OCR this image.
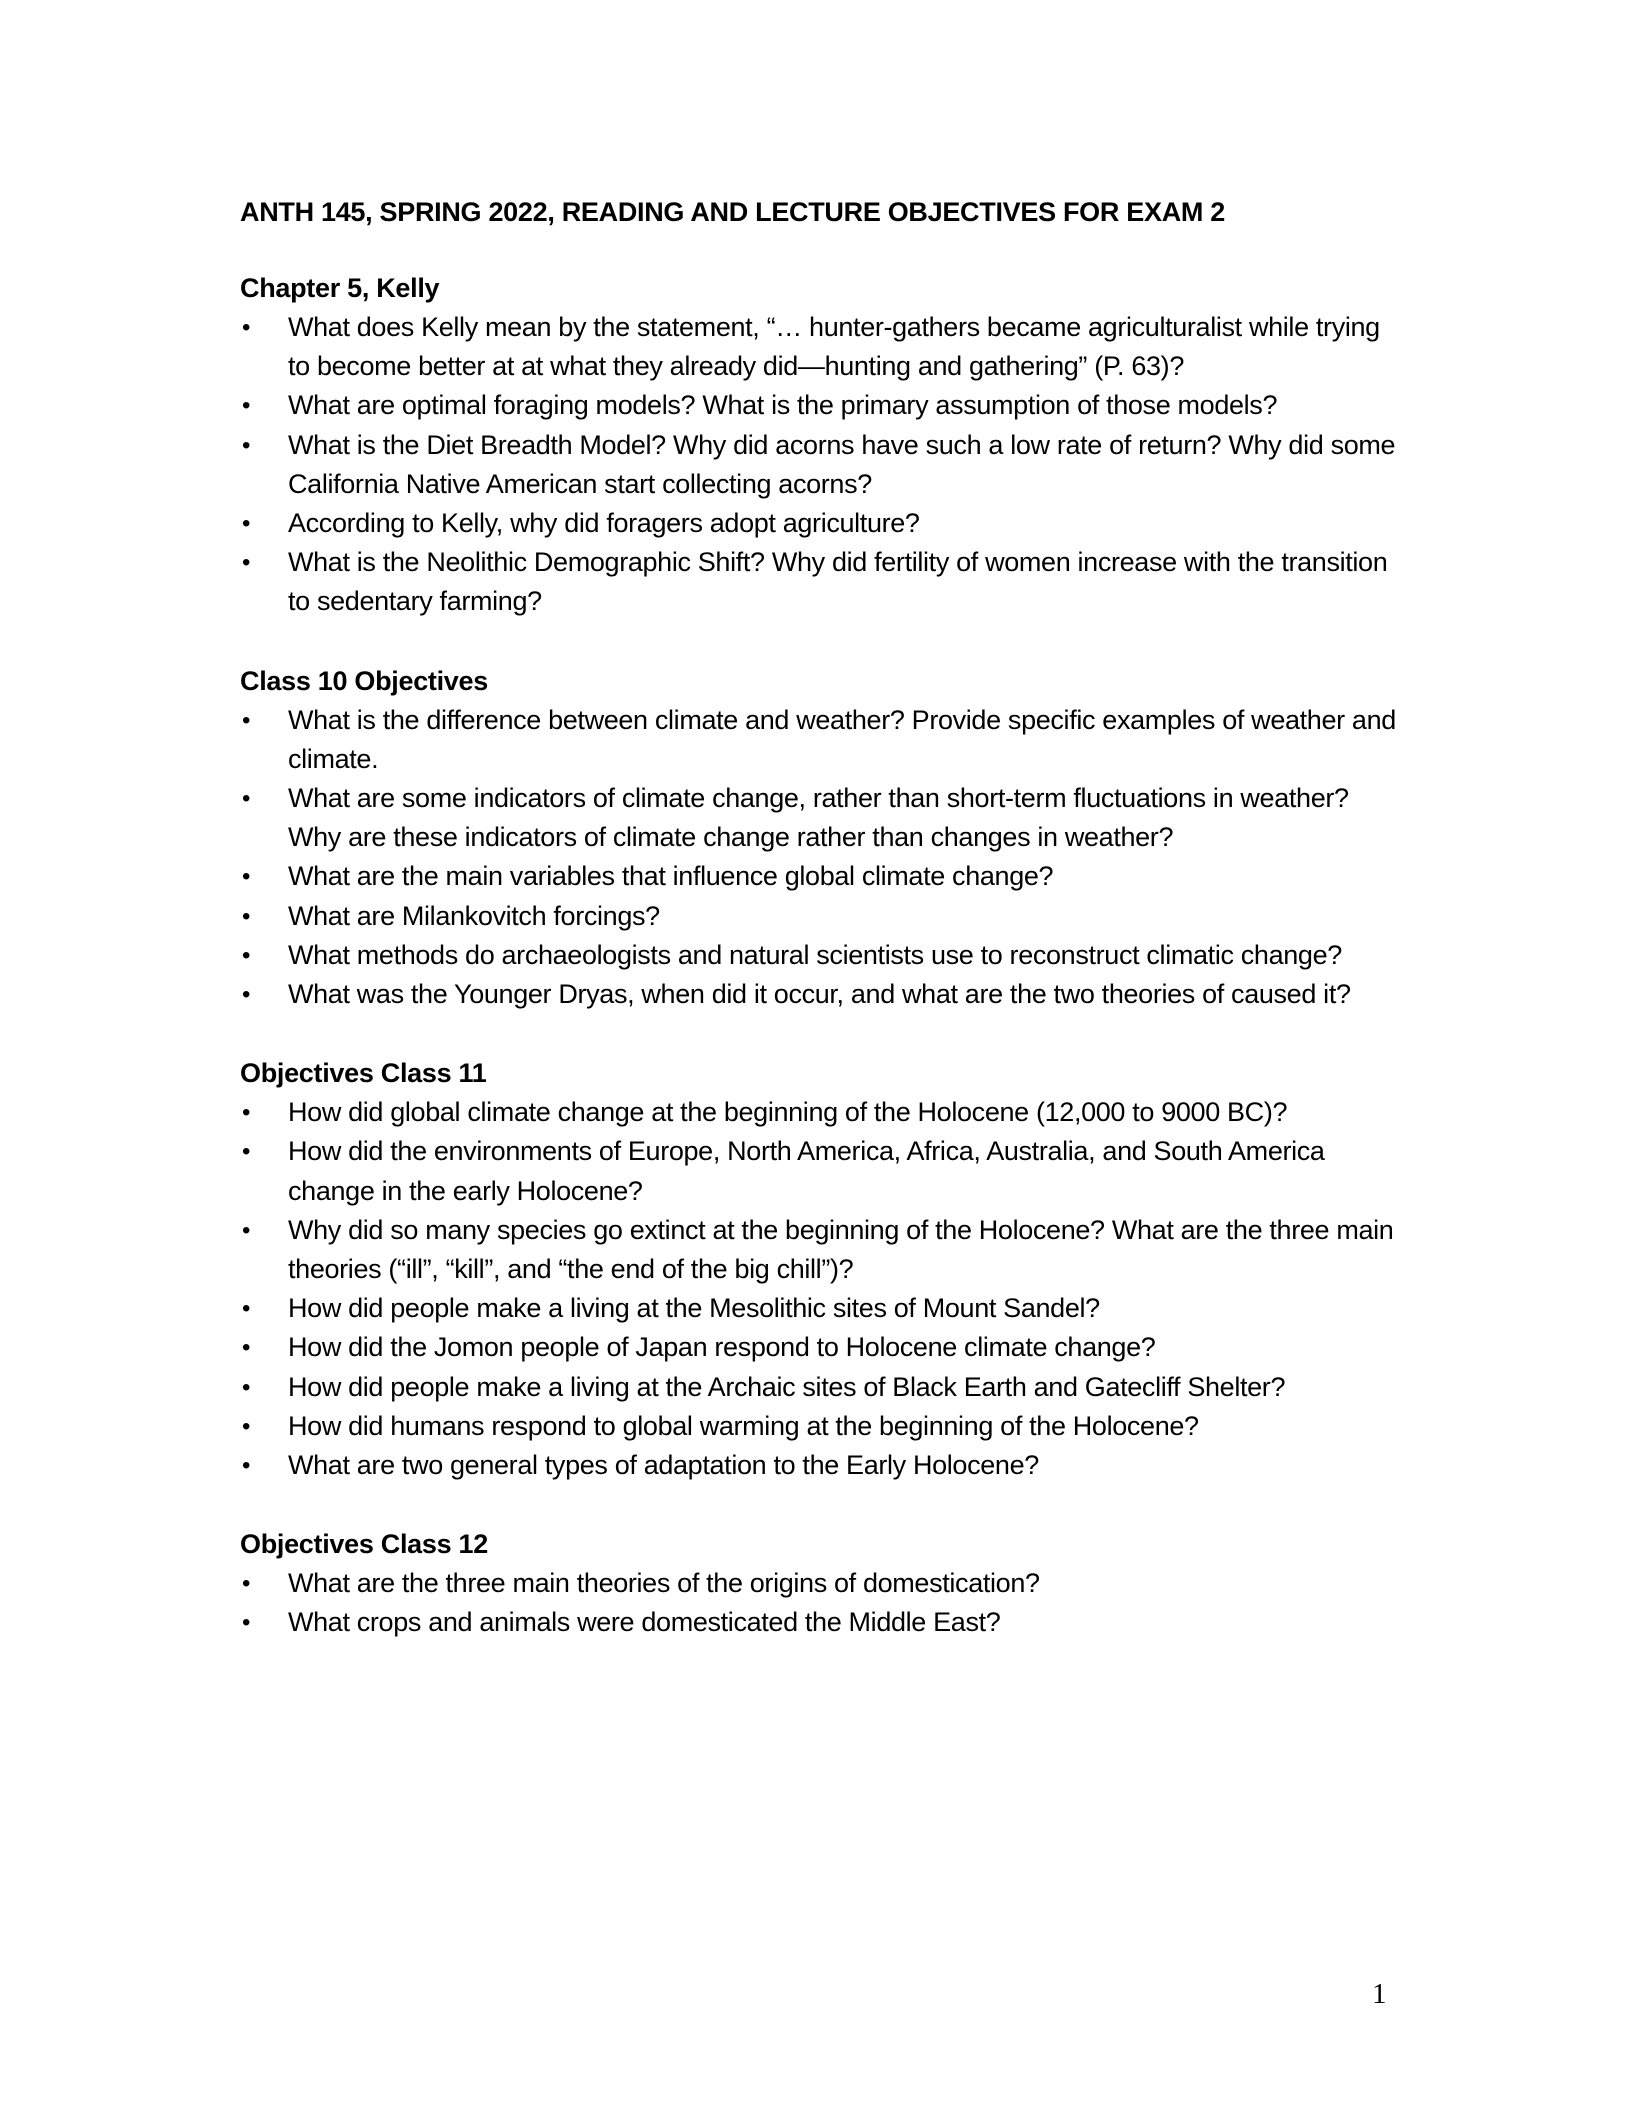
ANTH 145, SPRING 2022, READING AND LECTURE OBJECTIVES FOR EXAM 2
Chapter 5, Kelly
• What does Kelly mean by the statement, “… hunter-gathers became agriculturalist while trying to become better at at what they already did—hunting and gathering” (P. 63)?
• What are optimal foraging models? What is the primary assumption of those models?
• What is the Diet Breadth Model? Why did acorns have such a low rate of return? Why did some California Native American start collecting acorns?
• According to Kelly, why did foragers adopt agriculture?
• What is the Neolithic Demographic Shift? Why did fertility of women increase with the transition to sedentary farming?
Class 10 Objectives
• What is the difference between climate and weather? Provide specific examples of weather and climate.
• What are some indicators of climate change, rather than short-term fluctuations in weather? Why are these indicators of climate change rather than changes in weather?
• What are the main variables that influence global climate change?
• What are Milankovitch forcings?
• What methods do archaeologists and natural scientists use to reconstruct climatic change?
• What was the Younger Dryas, when did it occur, and what are the two theories of caused it?
Objectives Class 11
• How did global climate change at the beginning of the Holocene (12,000 to 9000 BC)?
• How did the environments of Europe, North America, Africa, Australia, and South America change in the early Holocene?
• Why did so many species go extinct at the beginning of the Holocene? What are the three main theories (“ill”, “kill”, and “the end of the big chill”)?
• How did people make a living at the Mesolithic sites of Mount Sandel?
• How did the Jomon people of Japan respond to Holocene climate change?
• How did people make a living at the Archaic sites of Black Earth and Gatecliff Shelter?
• How did humans respond to global warming at the beginning of the Holocene?
• What are two general types of adaptation to the Early Holocene?
Objectives Class 12
• What are the three main theories of the origins of domestication?
• What crops and animals were domesticated the Middle East?
1
